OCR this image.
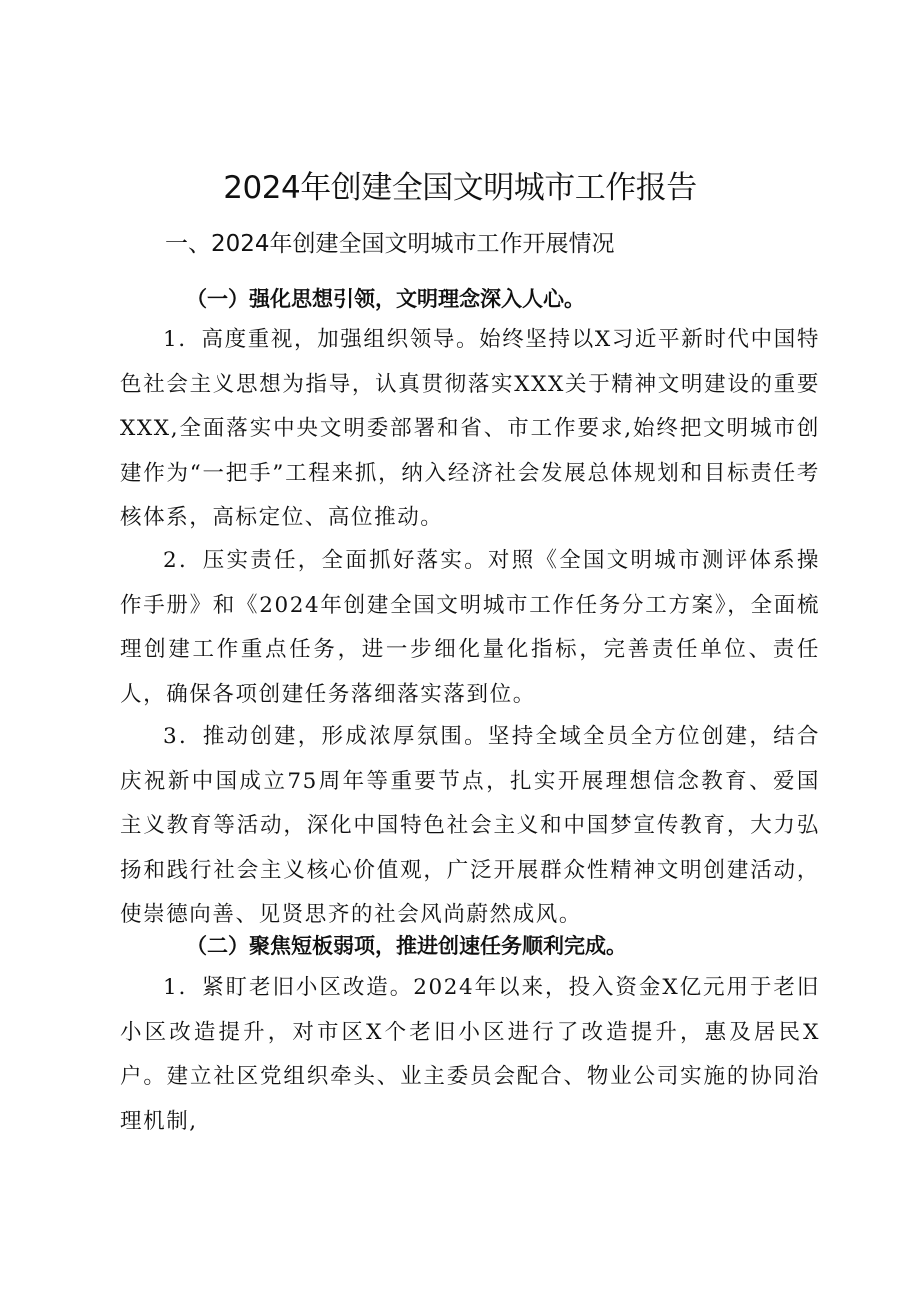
2024年创建全国文明城市工作报告
一、2024年创建全国文明城市工作开展情况
（一）强化思想引领，文明理念深入人心。

1．高度重视，加强组织领导。始终坚持以X习近平新时代中国特色社会主义思想为指导，认真贯彻落实XXX关于精神文明建设的重要XXX,全面落实中央文明委部署和省、市工作要求,始终把文明城市创建作为“一把手”工程来抓，纳入经济社会发展总体规划和目标责任考核体系，高标定位、高位推动。

2．压实责任，全面抓好落实。对照《全国文明城市测评体系操作手册》和《2024年创建全国文明城市工作任务分工方案》，全面梳理创建工作重点任务，进一步细化量化指标，完善责任单位、责任人，确保各项创建任务落细落实落到位。

3．推动创建，形成浓厚氛围。坚持全域全员全方位创建，结合庆祝新中国成立75周年等重要节点，扎实开展理想信念教育、爱国主义教育等活动，深化中国特色社会主义和中国梦宣传教育，大力弘扬和践行社会主义核心价值观，广泛开展群众性精神文明创建活动，使崇德向善、见贤思齐的社会风尚蔚然成风。

（二）聚焦短板弱项，推进创速任务顺利完成。

1．紧盯老旧小区改造。2024年以来，投入资金X亿元用于老旧小区改造提升，对市区X个老旧小区进行了改造提升，惠及居民X户。建立社区党组织牵头、业主委员会配合、物业公司实施的协同治理机制,
